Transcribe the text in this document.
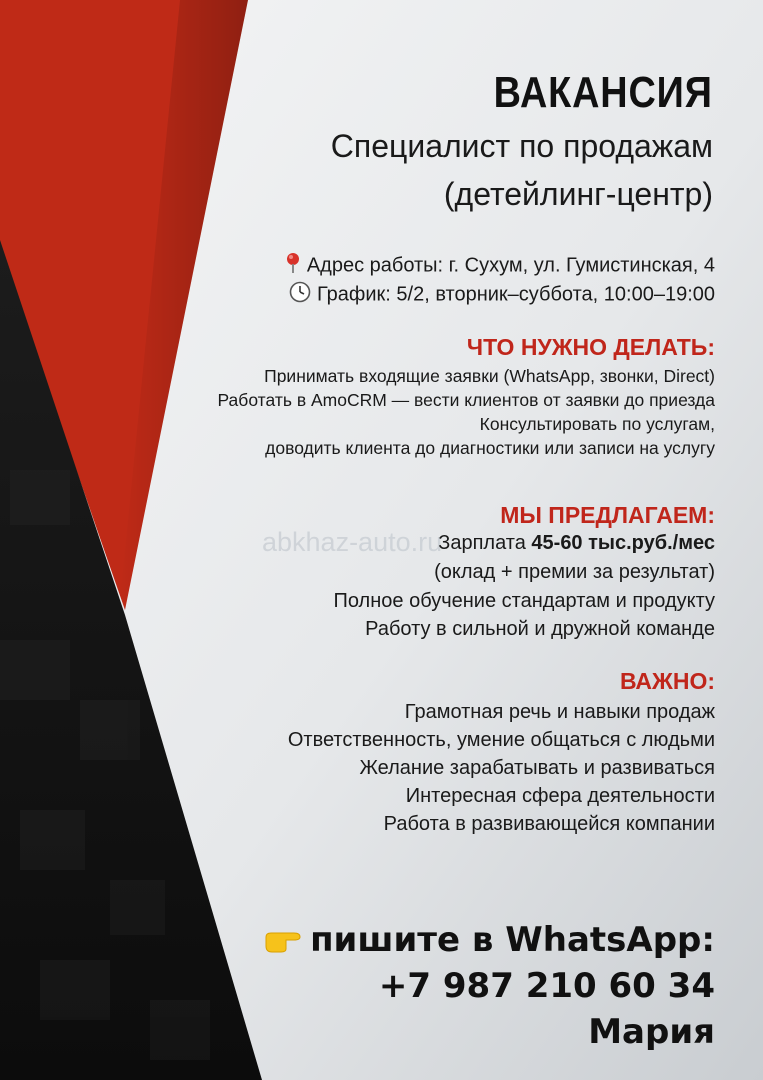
abkhaz-auto.ru
ВАКАНСИЯ
Специалист по продажам
(детейлинг-центр)
Адрес работы: г. Сухум, ул. Гумистинская, 4
График: 5/2, вторник–суббота, 10:00–19:00
ЧТО НУЖНО ДЕЛАТЬ:
Принимать входящие заявки (WhatsApp, звонки, Direct)
Работать в AmoCRM — вести клиентов от заявки до приезда
Консультировать по услугам,
доводить клиента до диагностики или записи на услугу
МЫ ПРЕДЛАГАЕМ:
Зарплата 45-60 тыс.руб./мес
(оклад + премии за результат)
Полное обучение стандартам и продукту
Работу в сильной и дружной команде
ВАЖНО:
Грамотная речь и навыки продаж
Ответственность, умение общаться с людьми
Желание зарабатывать и развиваться
Интересная сфера деятельности
Работа в развивающейся компании
пишите в WhatsApp:
+7 987 210 60 34
Мария
